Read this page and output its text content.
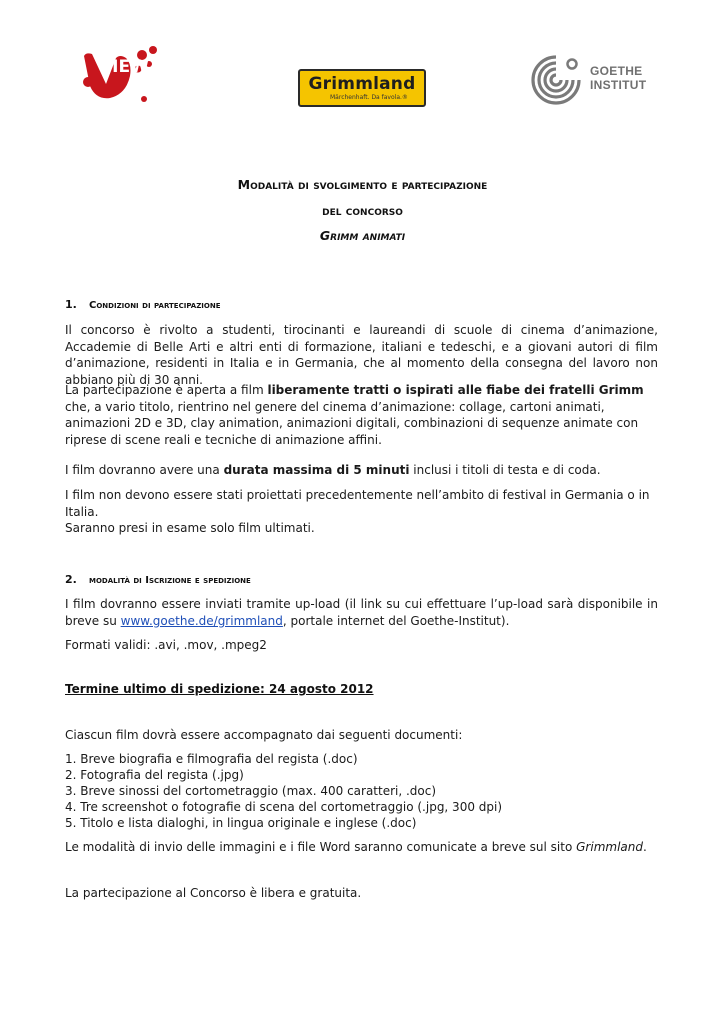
VIEW
Grimmland
Märchenhaft. Da favola.®
GOETHE
INSTITUT
Modalità di svolgimento e partecipazione
del concorso
Grimm animati
1. Condizioni di partecipazione
Il concorso è rivolto a studenti, tirocinanti e laureandi di scuole di cinema d’animazione, Accademie di Belle Arti e altri enti di formazione, italiani e tedeschi, e a giovani autori di film d’animazione, residenti in Italia e in Germania, che al momento della consegna del lavoro non abbiano più di 30 anni.
La partecipazione è aperta a film liberamente tratti o ispirati alle fiabe dei fratelli Grimm che, a vario titolo, rientrino nel genere del cinema d’animazione: collage, cartoni animati, animazioni 2D e 3D, clay animation, animazioni digitali, combinazioni di sequenze animate con riprese di scene reali e tecniche di animazione affini.
I film dovranno avere una durata massima di 5 minuti inclusi i titoli di testa e di coda.
I film non devono essere stati proiettati precedentemente nell’ambito di festival in Germania o in Italia.
Saranno presi in esame solo film ultimati.
2. modalità di Iscrizione e spedizione
I film dovranno essere inviati tramite up-load (il link su cui effettuare l’up-load sarà disponibile in breve su www.goethe.de/grimmland, portale internet del Goethe-Institut).
Formati validi: .avi, .mov, .mpeg2
Termine ultimo di spedizione: 24 agosto 2012
Ciascun film dovrà essere accompagnato dai seguenti documenti:
1. Breve biografia e filmografia del regista (.doc)
2. Fotografia del regista (.jpg)
3. Breve sinossi del cortometraggio (max. 400 caratteri, .doc)
4. Tre screenshot o fotografie di scena del cortometraggio (.jpg, 300 dpi)
5. Titolo e lista dialoghi, in lingua originale e inglese (.doc)
Le modalità di invio delle immagini e i file Word saranno comunicate a breve sul sito Grimmland.
La partecipazione al Concorso è libera e gratuita.
